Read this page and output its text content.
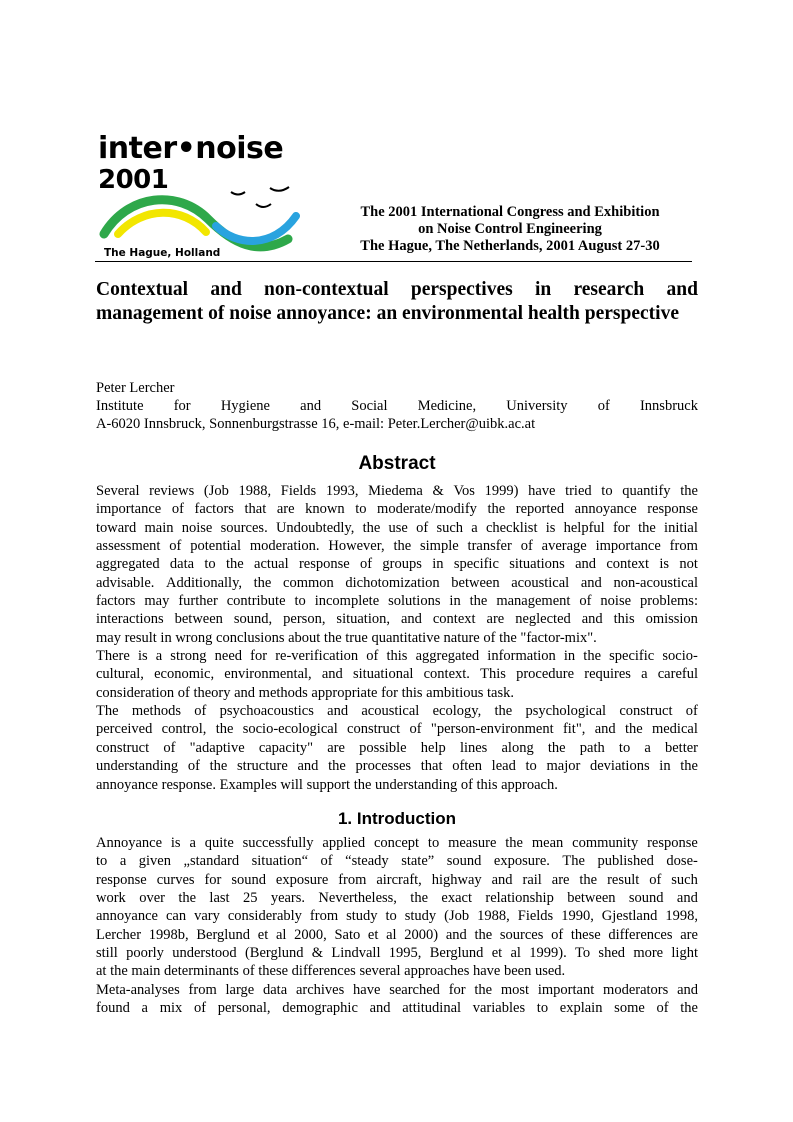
inter•noise 2001
The Hague, Holland
The 2001 International Congress and Exhibition
on Noise Control Engineering
The Hague, The Netherlands, 2001 August 27-30
Contextual and non-contextual perspectives in research and
management of noise annoyance: an environmental health perspective
Peter Lercher
Institute for Hygiene and Social Medicine, University of Innsbruck
A-6020 Innsbruck, Sonnenburgstrasse 16, e-mail: Peter.Lercher@uibk.ac.at
Abstract
Several reviews (Job 1988, Fields 1993, Miedema & Vos 1999) have tried to quantify the
importance of factors that are known to moderate/modify the reported annoyance response
toward main noise sources. Undoubtedly, the use of such a checklist is helpful for the initial
assessment of potential moderation. However, the simple transfer of average importance from
aggregated data to the actual response of groups in specific situations and context is not
advisable. Additionally, the common dichotomization between acoustical and non-acoustical
factors may further contribute to incomplete solutions in the management of noise problems:
interactions between sound, person, situation, and context are neglected and this omission
may result in wrong conclusions about the true quantitative nature of the "factor-mix".
There is a strong need for re-verification of this aggregated information in the specific socio-
cultural, economic, environmental, and situational context. This procedure requires a careful
consideration of theory and methods appropriate for this ambitious task.
The methods of psychoacoustics and acoustical ecology, the psychological construct of
perceived control, the socio-ecological construct of "person-environment fit", and the medical
construct of "adaptive capacity" are possible help lines along the path to a better
understanding of the structure and the processes that often lead to major deviations in the
annoyance response. Examples will support the understanding of this approach.
1. Introduction
Annoyance is a quite successfully applied concept to measure the mean community response
to a given „standard situation“ of “steady state” sound exposure. The published dose-
response curves for sound exposure from aircraft, highway and rail are the result of such
work over the last 25 years. Nevertheless, the exact relationship between sound and
annoyance can vary considerably from study to study (Job 1988, Fields 1990, Gjestland 1998,
Lercher 1998b, Berglund et al 2000, Sato et al 2000) and the sources of these differences are
still poorly understood (Berglund & Lindvall 1995, Berglund et al 1999). To shed more light
at the main determinants of these differences several approaches have been used.
Meta-analyses from large data archives have searched for the most important moderators and
found a mix of personal, demographic and attitudinal variables to explain some of the
